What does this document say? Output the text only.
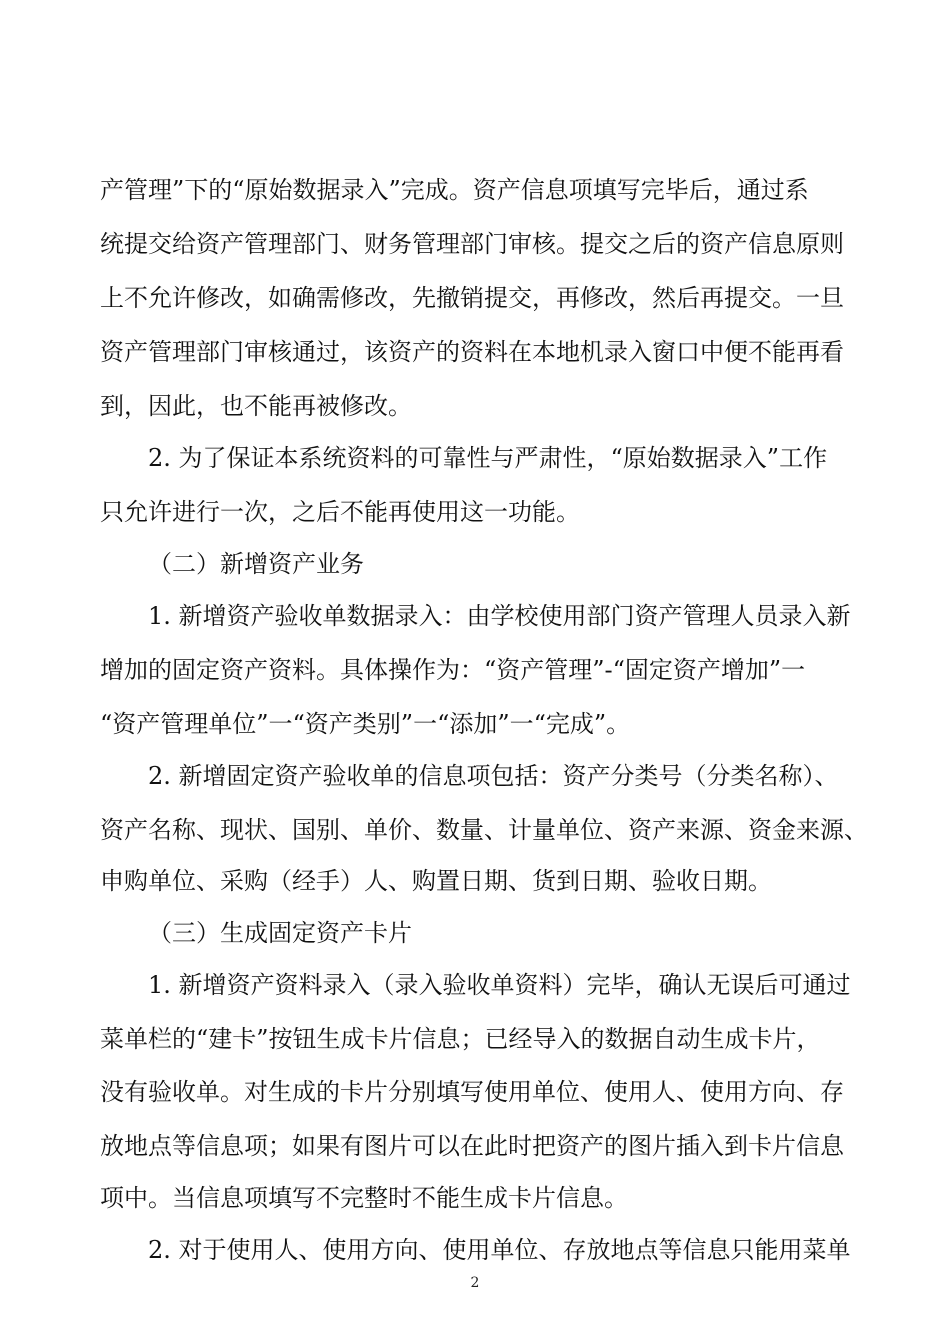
产管理”下的“原始数据录入”完成。资产信息项填写完毕后，通过系
统提交给资产管理部门、财务管理部门审核。提交之后的资产信息原则
上不允许修改，如确需修改，先撤销提交，再修改，然后再提交。一旦
资产管理部门审核通过，该资产的资料在本地机录入窗口中便不能再看
到，因此，也不能再被修改。
2. 为了保证本系统资料的可靠性与严肃性，“原始数据录入”工作
只允许进行一次，之后不能再使用这一功能。
（二）新增资产业务
1. 新增资产验收单数据录入：由学校使用部门资产管理人员录入新
增加的固定资产资料。具体操作为：“资产管理”-“固定资产增加”一
“资产管理单位”一“资产类别”一“添加”一“完成”。
2. 新增固定资产验收单的信息项包括：资产分类号（分类名称）、
资产名称、现状、国别、单价、数量、计量单位、资产来源、资金来源、
申购单位、采购（经手）人、购置日期、货到日期、验收日期。
（三）生成固定资产卡片
1. 新增资产资料录入（录入验收单资料）完毕，确认无误后可通过
菜单栏的“建卡”按钮生成卡片信息；已经导入的数据自动生成卡片，
没有验收单。对生成的卡片分别填写使用单位、使用人、使用方向、存
放地点等信息项；如果有图片可以在此时把资产的图片插入到卡片信息
项中。当信息项填写不完整时不能生成卡片信息。
2. 对于使用人、使用方向、使用单位、存放地点等信息只能用菜单
2
